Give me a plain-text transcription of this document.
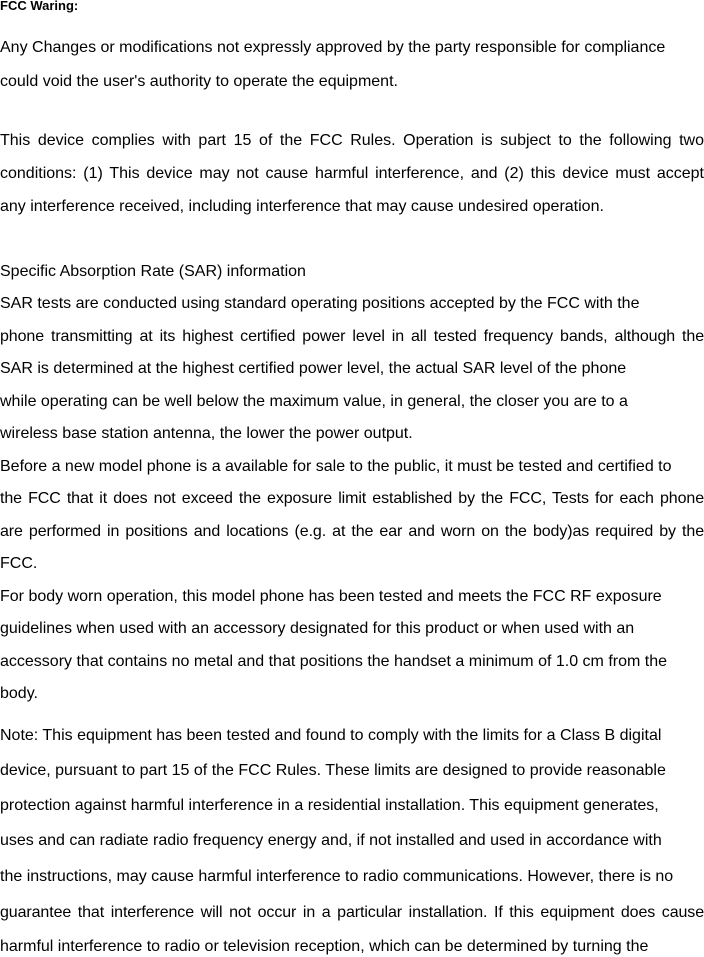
FCC Waring:
Any Changes or modifications not expressly approved by the party responsible for compliance
could void the user's authority to operate the equipment.
This device complies with part 15 of the FCC Rules. Operation is subject to the following two
conditions: (1) This device may not cause harmful interference, and (2) this device must accept
any interference received, including interference that may cause undesired operation.
Specific Absorption Rate (SAR) information
SAR tests are conducted using standard operating positions accepted by the FCC with the
phone transmitting at its highest certified power level in all tested frequency bands, although the
SAR is determined at the highest certified power level, the actual SAR level of the phone
while operating can be well below the maximum value, in general, the closer you are to a
wireless base station antenna, the lower the power output.
Before a new model phone is a available for sale to the public, it must be tested and certified to
the FCC that it does not exceed the exposure limit established by the FCC, Tests for each phone
are performed in positions and locations (e.g. at the ear and worn on the body)as required by the
FCC.
For body worn operation, this model phone has been tested and meets the FCC RF exposure
guidelines when used with an accessory designated for this product or when used with an
accessory that contains no metal and that positions the handset a minimum of 1.0 cm from the
body.
Note: This equipment has been tested and found to comply with the limits for a Class B digital
device, pursuant to part 15 of the FCC Rules. These limits are designed to provide reasonable
protection against harmful interference in a residential installation. This equipment generates,
uses and can radiate radio frequency energy and, if not installed and used in accordance with
the instructions, may cause harmful interference to radio communications. However, there is no
guarantee that interference will not occur in a particular installation. If this equipment does cause
harmful interference to radio or television reception, which can be determined by turning the
